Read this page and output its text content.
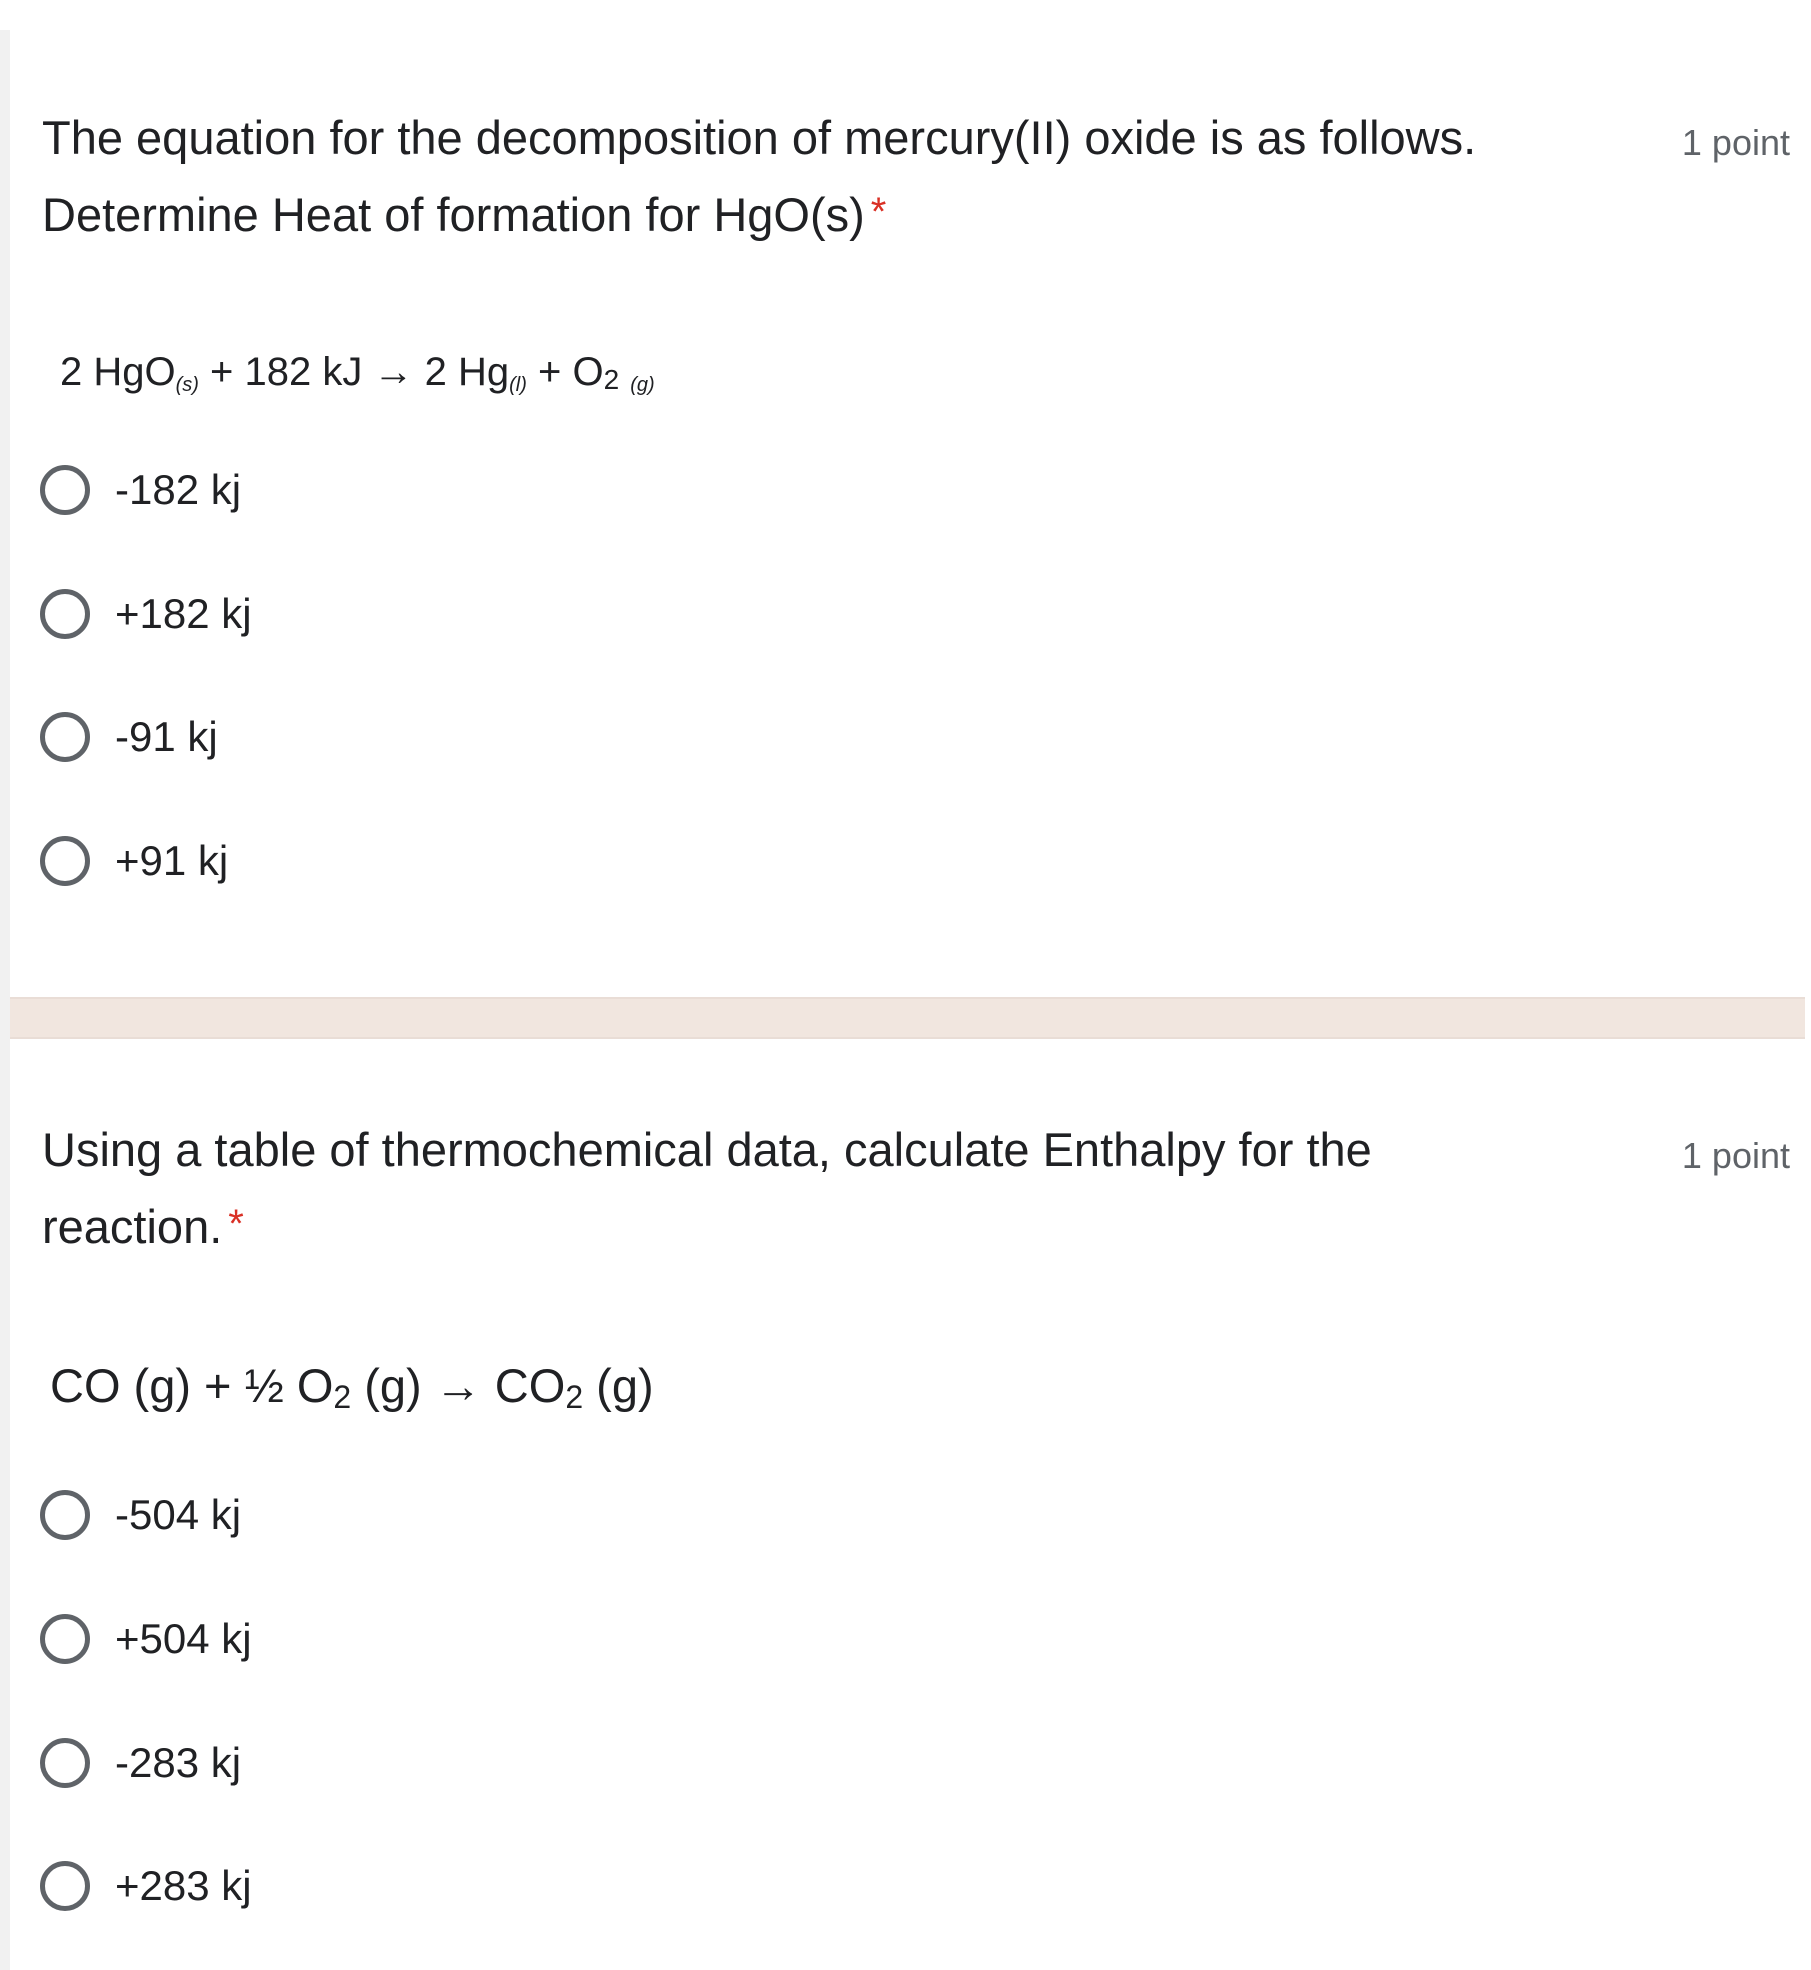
The equation for the decomposition of mercury(II) oxide is as follows.
Determine Heat of formation for HgO(s) *
1 point
2 HgO$_{(s)}$ + 182 kJ → 2 $Hg_{(l)} + O2$ $_{(g)}$
-182 kj
+182 kj
-91 kj
+91 kj
Using a table of thermochemical data, calculate Enthalpy for the
reaction. *
1 point
CO (g) + ½ O2 (g) → CO2 (g)
-504 kj
+504 kj
-283 kj
+283 kj
